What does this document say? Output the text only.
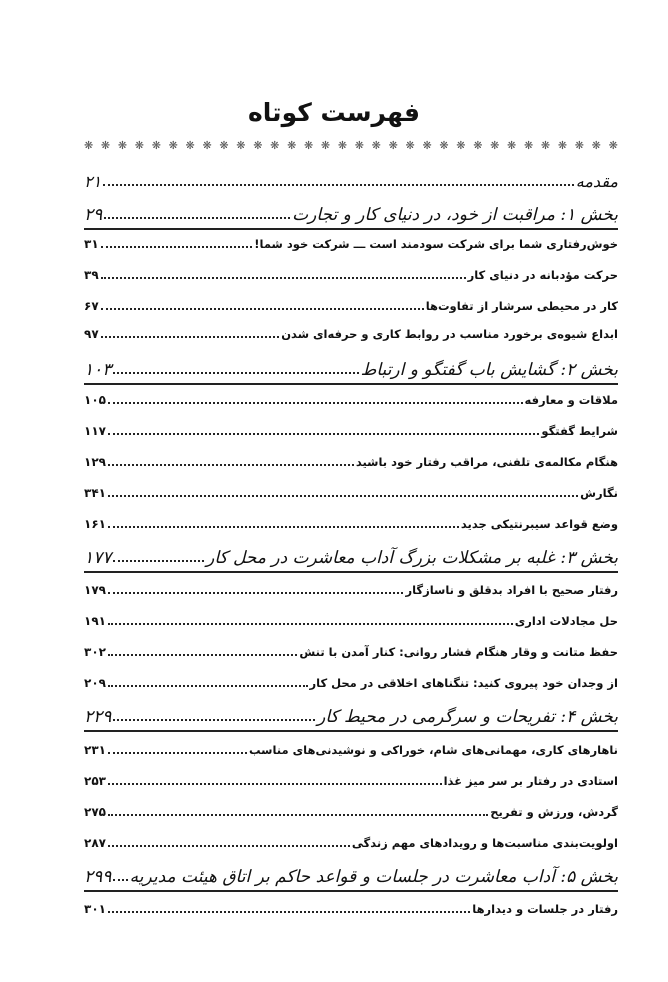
فهرست کوتاه
❋ ❋ ❋ ❋ ❋ ❋ ❋ ❋ ❋ ❋ ❋ ❋ ❋ ❋ ❋ ❋ ❋ ❋ ❋ ❋ ❋ ❋ ❋ ❋ ❋ ❋ ❋ ❋ ❋ ❋ ❋ ❋
مقدمه
۲۱
بخش ۱: مراقبت از خود، در دنیای کار و تجارت
۲۹
خوش‌رفتاری شما برای شرکت سودمند است ـــ شرکت خود شما!
۳۱
حرکت مؤدبانه در دنیای کار
۳۹
کار در محیطی سرشار از تفاوت‌ها
۶۷
ابداع شیوه‌ی برخورد مناسب در روابط کاری و حرفه‌ای شدن
۹۷
بخش ۲: گشایش باب گفتگو و ارتباط
۱۰۳
ملاقات و معارفه
۱۰۵
شرایط گفتگو
۱۱۷
هنگام مکالمه‌ی تلفنی، مراقب رفتار خود باشید
۱۲۹
نگارش
۳۴۱
وضع قواعد سیبرنتیکی جدید
۱۶۱
بخش ۳: غلبه بر مشکلات بزرگ آداب معاشرت در محل کار
۱۷۷
رفتار صحیح با افراد بدقلق و ناسازگار
۱۷۹
حل مجادلات اداری
۱۹۱
حفظ متانت و وقار هنگام فشار روانی: کنار آمدن با تنش
۳۰۲
از وجدان خود پیروی کنید: تنگناهای اخلاقی در محل کار
۲۰۹
بخش ۴: تفریحات و سرگرمی در محیط کار
۲۲۹
ناهارهای کاری، مهمانی‌های شام، خوراکی و نوشیدنی‌های مناسب
۲۳۱
استادی در رفتار بر سر میز غذا
۲۵۳
گردش، ورزش و تفریح
۲۷۵
اولویت‌بندی مناسبت‌ها و رویدادهای مهم زندگی
۲۸۷
بخش ۵: آداب معاشرت در جلسات و قواعد حاکم بر اتاق هیئت مدیریه
۲۹۹
رفتار در جلسات و دیدارها
۳۰۱
